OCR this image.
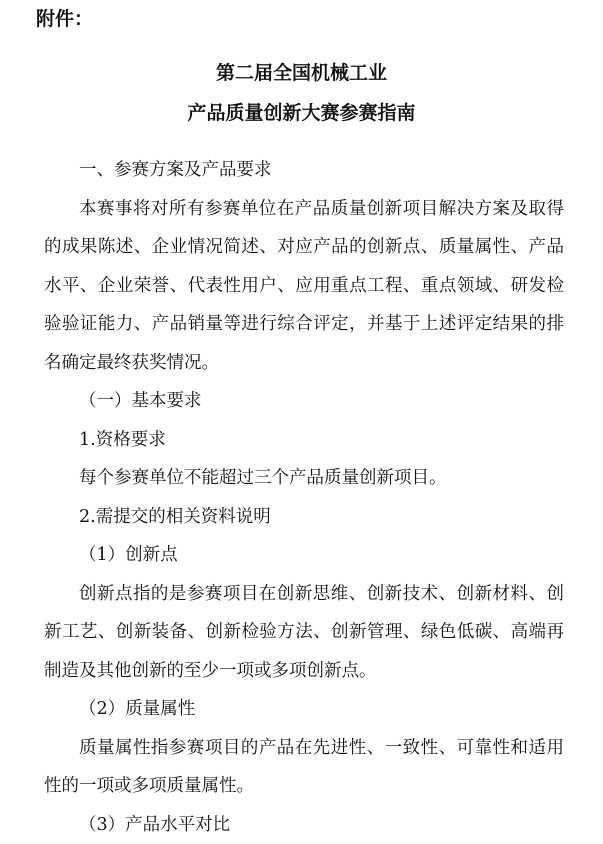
附件：
第二届全国机械工业
产品质量创新大赛参赛指南

一、参赛方案及产品要求

本赛事将对所有参赛单位在产品质量创新项目解决方案及取得的成果陈述、企业情况简述、对应产品的创新点、质量属性、产品水平、企业荣誉、代表性用户、应用重点工程、重点领域、研发检验验证能力、产品销量等进行综合评定，并基于上述评定结果的排名确定最终获奖情况。

（一）基本要求

1.资格要求

每个参赛单位不能超过三个产品质量创新项目。

2.需提交的相关资料说明

（1）创新点

创新点指的是参赛项目在创新思维、创新技术、创新材料、创新工艺、创新装备、创新检验方法、创新管理、绿色低碳、高端再制造及其他创新的至少一项或多项创新点。

（2）质量属性

质量属性指参赛项目的产品在先进性、一致性、可靠性和适用性的一项或多项质量属性。

（3）产品水平对比
